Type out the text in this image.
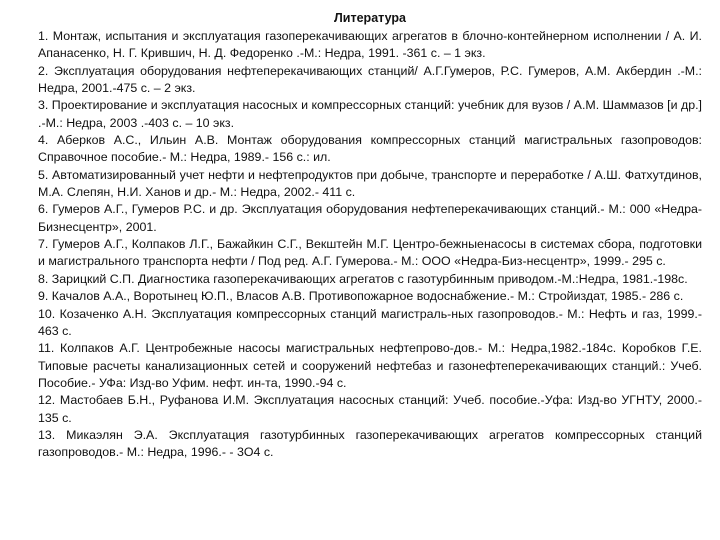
Литература
1. Монтаж, испытания и эксплуатация газоперекачивающих агрегатов в блочно-контейнерном исполнении / А. И. Апанасенко, Н. Г. Крившич, Н. Д. Федоренко .-М.: Недра, 1991. -361 с. – 1 экз.
2. Эксплуатация оборудования нефтеперекачивающих станций/ А.Г.Гумеров, Р.С. Гумеров, А.М. Акбердин .-М.: Недра, 2001.-475 с. – 2 экз.
3. Проектирование и эксплуатация насосных и компрессорных станций: учебник для вузов / А.М. Шаммазов [и др.] .-М.: Недра, 2003 .-403 с. – 10 экз.
4. Аберков А.С., Ильин А.В. Монтаж оборудования компрессорных станций магистральных газопроводов: Справочное пособие.- М.: Недра, 1989.- 156 с.: ил.
5. Автоматизированный учет нефти и нефтепродуктов при добыче, транспорте и переработке / А.Ш. Фатхутдинов, М.А. Слепян, Н.И. Ханов и др.- М.: Недра, 2002.- 411 с.
6. Гумеров А.Г., Гумеров Р.С. и др. Эксплуатация оборудования нефтеперекачивающих станций.- М.: 000 «Недра-Бизнесцентр», 2001.
7. Гумеров А.Г., Колпаков Л.Г., Бажайкин С.Г., Векштейн М.Г. Центро-бежныенасосы в системах сбора, подготовки и магистрального транспорта нефти / Под ред. А.Г. Гумерова.- М.: ООО «Недра-Биз-несцентр», 1999.- 295 с.
8. Зарицкий С.П. Диагностика газоперекачивающих агрегатов с газотурбинным приводом.-М.:Недра, 1981.-198с.
9. Качалов А.А., Воротынец Ю.П., Власов А.В. Противопожарное водоснабжение.- М.: Стройиздат, 1985.- 286 с.
10. Козаченко А.Н. Эксплуатация компрессорных станций магистраль-ных газопроводов.- М.: Нефть и газ, 1999.- 463 с.
11. Колпаков А.Г. Центробежные насосы магистральных нефтепрово-дов.- М.: Недра,1982.-184с. Коробков Г.Е. Типовые расчеты канализационных сетей и сооружений нефтебаз и газонефтеперекачивающих станций.: Учеб. Пособие.- УФа: Изд-во Уфим. нефт. ин-та, 1990.-94 с.
12. Мастобаев Б.Н., Руфанова И.М. Эксплуатация насосных станций: Учеб. пособие.-Уфа: Изд-во УГНТУ, 2000.- 135 с.
13. Микаэлян Э.А. Эксплуатация газотурбинных газоперекачивающих агрегатов компрессорных станций газопроводов.- М.: Недра, 1996.- - 3О4 с.
